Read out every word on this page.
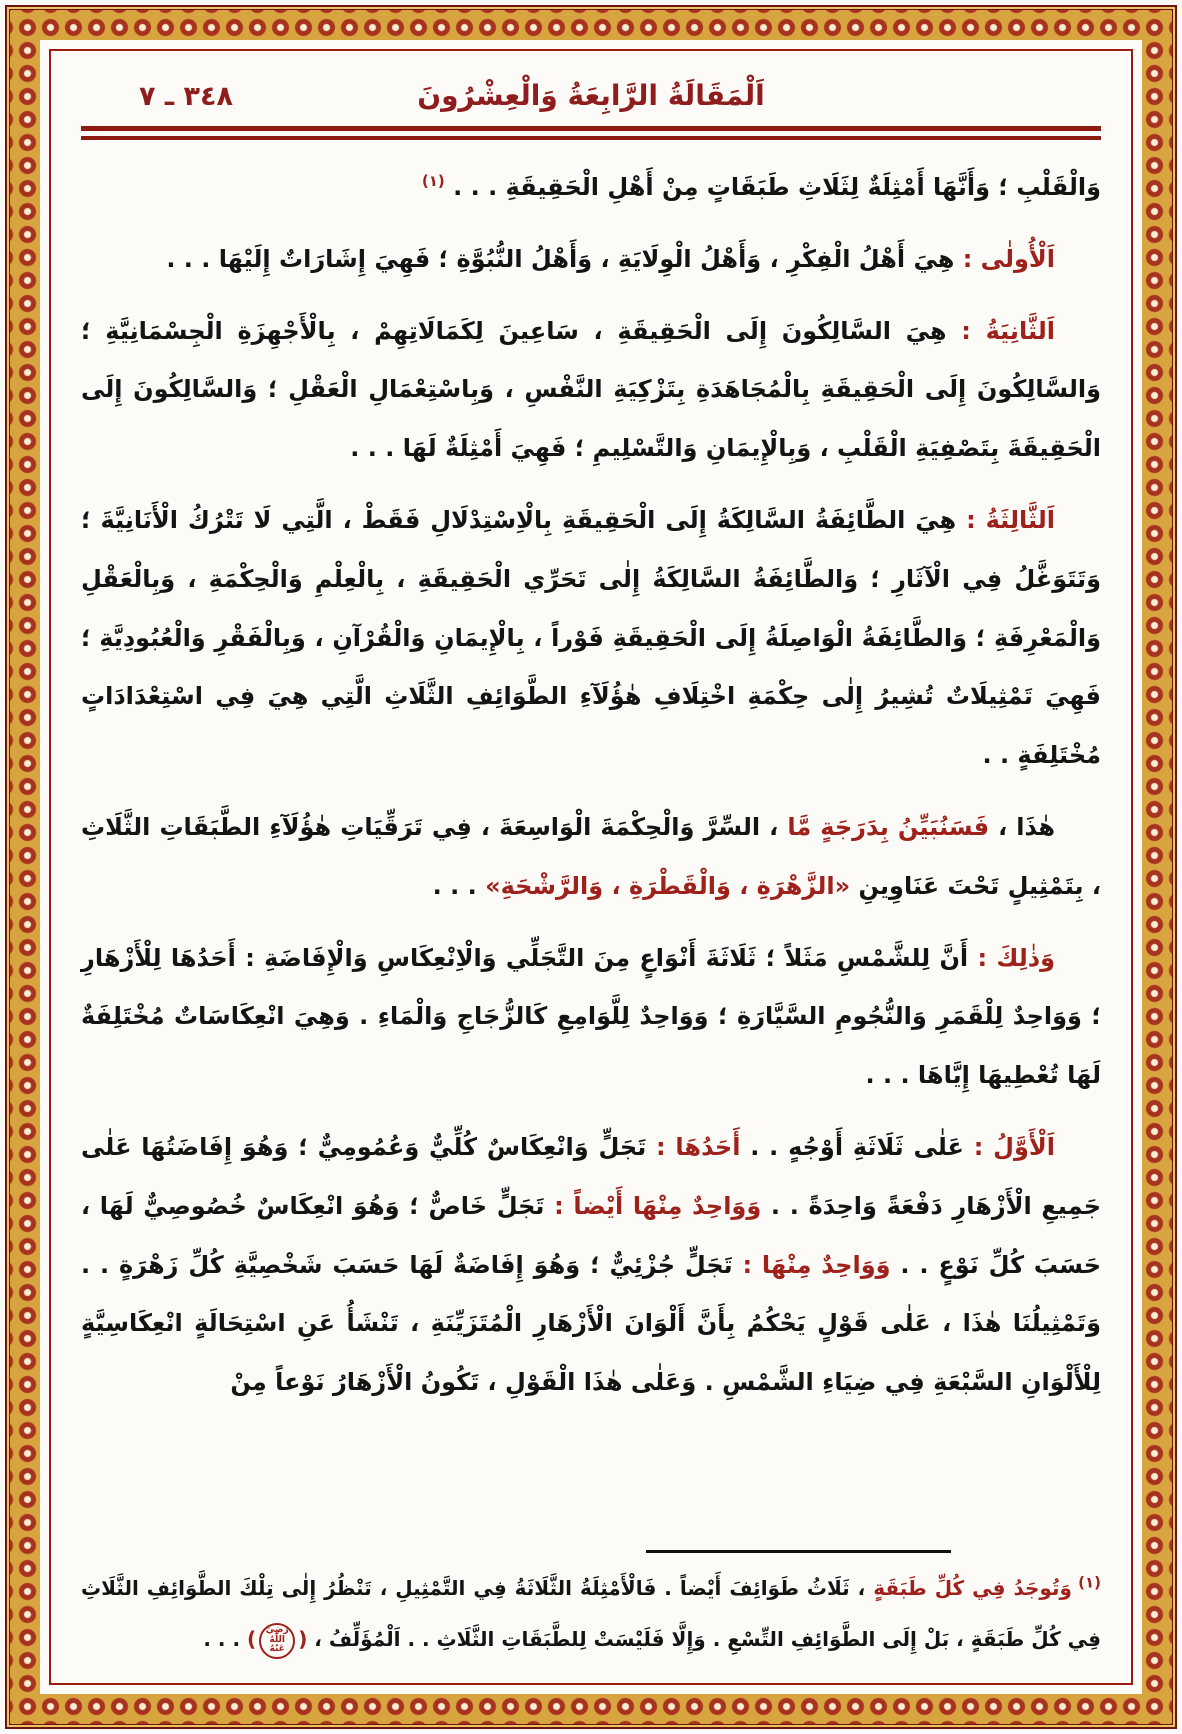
اَلْمَقَالَةُ الرَّابِعَةُ وَالْعِشْرُونَ
٣٤٨ ـ ٧

وَالْقَلْبِ ؛ وَأَنَّهَا أَمْثِلَةٌ لِثَلَاثِ طَبَقَاتٍ مِنْ أَهْلِ الْحَقِيقَةِ . . . $^{(١)}$

اَلْأُولٰى : هِيَ أَهْلُ الْفِكْرِ ، وَأَهْلُ الْوِلَايَةِ ، وَأَهْلُ النُّبُوَّةِ ؛ فَهِيَ إِشَارَاتٌ إِلَيْهَا . . .

اَلثَّانِيَةُ : هِيَ السَّالِكُونَ إِلَى الْحَقِيقَةِ ، سَاعِينَ لِكَمَالَاتِهِمْ ، بِالْأَجْهِزَةِ الْجِسْمَانِيَّةِ ؛ وَالسَّالِكُونَ إِلَى الْحَقِيقَةِ بِالْمُجَاهَدَةِ بِتَزْكِيَةِ النَّفْسِ ، وَبِاسْتِعْمَالِ الْعَقْلِ ؛ وَالسَّالِكُونَ إِلَى الْحَقِيقَةَ بِتَصْفِيَةِ الْقَلْبِ ، وَبِالْإِيمَانِ وَالتَّسْلِيمِ ؛ فَهِيَ أَمْثِلَةٌ لَهَا . . .

اَلثَّالِثَةُ : هِيَ الطَّائِفَةُ السَّالِكَةُ إِلَى الْحَقِيقَةِ بِالْاِسْتِدْلَالِ فَقَطْ ، الَّتِي لَا تَتْرُكُ الْأَنَانِيَّةَ ؛ وَتَتَوَغَّلُ فِي الْآثَارِ ؛ وَالطَّائِفَةُ السَّالِكَةُ إِلٰى تَحَرِّي الْحَقِيقَةِ ، بِالْعِلْمِ وَالْحِكْمَةِ ، وَبِالْعَقْلِ وَالْمَعْرِفَةِ ؛ وَالطَّائِفَةُ الْوَاصِلَةُ إِلَى الْحَقِيقَةِ فَوْراً ، بِالْإِيمَانِ وَالْقُرْآنِ ، وَبِالْفَقْرِ وَالْعُبُودِيَّةِ ؛ فَهِيَ تَمْثِيلَاتٌ تُشِيرُ إِلٰى حِكْمَةِ اخْتِلَافِ هٰؤُلَآءِ الطَّوَائِفِ الثَّلَاثِ الَّتِي هِيَ فِي اسْتِعْدَادَاتٍ مُخْتَلِفَةٍ . .

هٰذَا ، فَسَنُبَيِّنُ بِدَرَجَةٍ مَّا ، السِّرَّ وَالْحِكْمَةَ الْوَاسِعَةَ ، فِي تَرَقِّيَاتِ هٰؤُلَآءِ الطَّبَقَاتِ الثَّلَاثِ ، بِتَمْثِيلٍ تَحْتَ عَنَاوِينِ «الزَّهْرَةِ ، وَالْقَطْرَةِ ، وَالرَّشْحَةِ» . . .

وَذٰلِكَ : أَنَّ لِلشَّمْسِ مَثَلاً ؛ ثَلَاثَةَ أَنْوَاعٍ مِنَ التَّجَلِّي وَالْاِنْعِكَاسِ وَالْإِفَاضَةِ : أَحَدُهَا لِلْأَزْهَارِ ؛ وَوَاحِدٌ لِلْقَمَرِ وَالنُّجُومِ السَّيَّارَةِ ؛ وَوَاحِدٌ لِلَّوَامِعِ كَالزُّجَاجِ وَالْمَاءِ . وَهِيَ انْعِكَاسَاتٌ مُخْتَلِفَةٌ لَهَا تُعْطِيهَا إِيَّاهَا . . .

اَلْأَوَّلُ : عَلٰى ثَلَاثَةِ أَوْجُهٍ . . أَحَدُهَا : تَجَلٍّ وَانْعِكَاسٌ كُلِّيٌّ وَعُمُومِيٌّ ؛ وَهُوَ إِفَاضَتُهَا عَلٰى جَمِيعِ الْأَزْهَارِ دَفْعَةً وَاحِدَةً . . وَوَاحِدٌ مِنْهَا أَيْضاً : تَجَلٍّ خَاصٌّ ؛ وَهُوَ انْعِكَاسٌ خُصُوصِيٌّ لَهَا ، حَسَبَ كُلِّ نَوْعٍ . . وَوَاحِدٌ مِنْهَا : تَجَلٍّ جُزْئِيٌّ ؛ وَهُوَ إِفَاضَةٌ لَهَا حَسَبَ شَخْصِيَّةِ كُلِّ زَهْرَةٍ . . وَتَمْثِيلُنَا هٰذَا ، عَلٰى قَوْلٍ يَحْكُمُ بِأَنَّ أَلْوَانَ الْأَزْهَارِ الْمُتَزَيِّنَةِ ، تَنْشَأُ عَنِ اسْتِحَالَةٍ انْعِكَاسِيَّةٍ لِلْأَلْوَانِ السَّبْعَةِ فِي ضِيَاءِ الشَّمْسِ . وَعَلٰى هٰذَا الْقَوْلِ ، تَكُونُ الْأَزْهَارُ نَوْعاً مِنْ

$^{(١)}$ وَتُوجَدُ فِي كُلِّ طَبَقَةٍ ، ثَلَاثُ طَوَائِفَ أَيْضاً . فَالْأَمْثِلَةُ الثَّلَاثَةُ فِي التَّمْثِيلِ ، تَنْظُرُ إِلٰى تِلْكَ الطَّوَائِفِ الثَّلَاثِ فِي كُلِّ طَبَقَةٍ ، بَلْ إِلَى الطَّوَائِفِ التِّسْعِ . وَإِلَّا فَلَيْسَتْ لِلطَّبَقَاتِ الثَّلَاثِ . . اَلْمُؤَلِّفُ ، (رَضِيَ اللّٰهُ عَنْهُ) . . .
